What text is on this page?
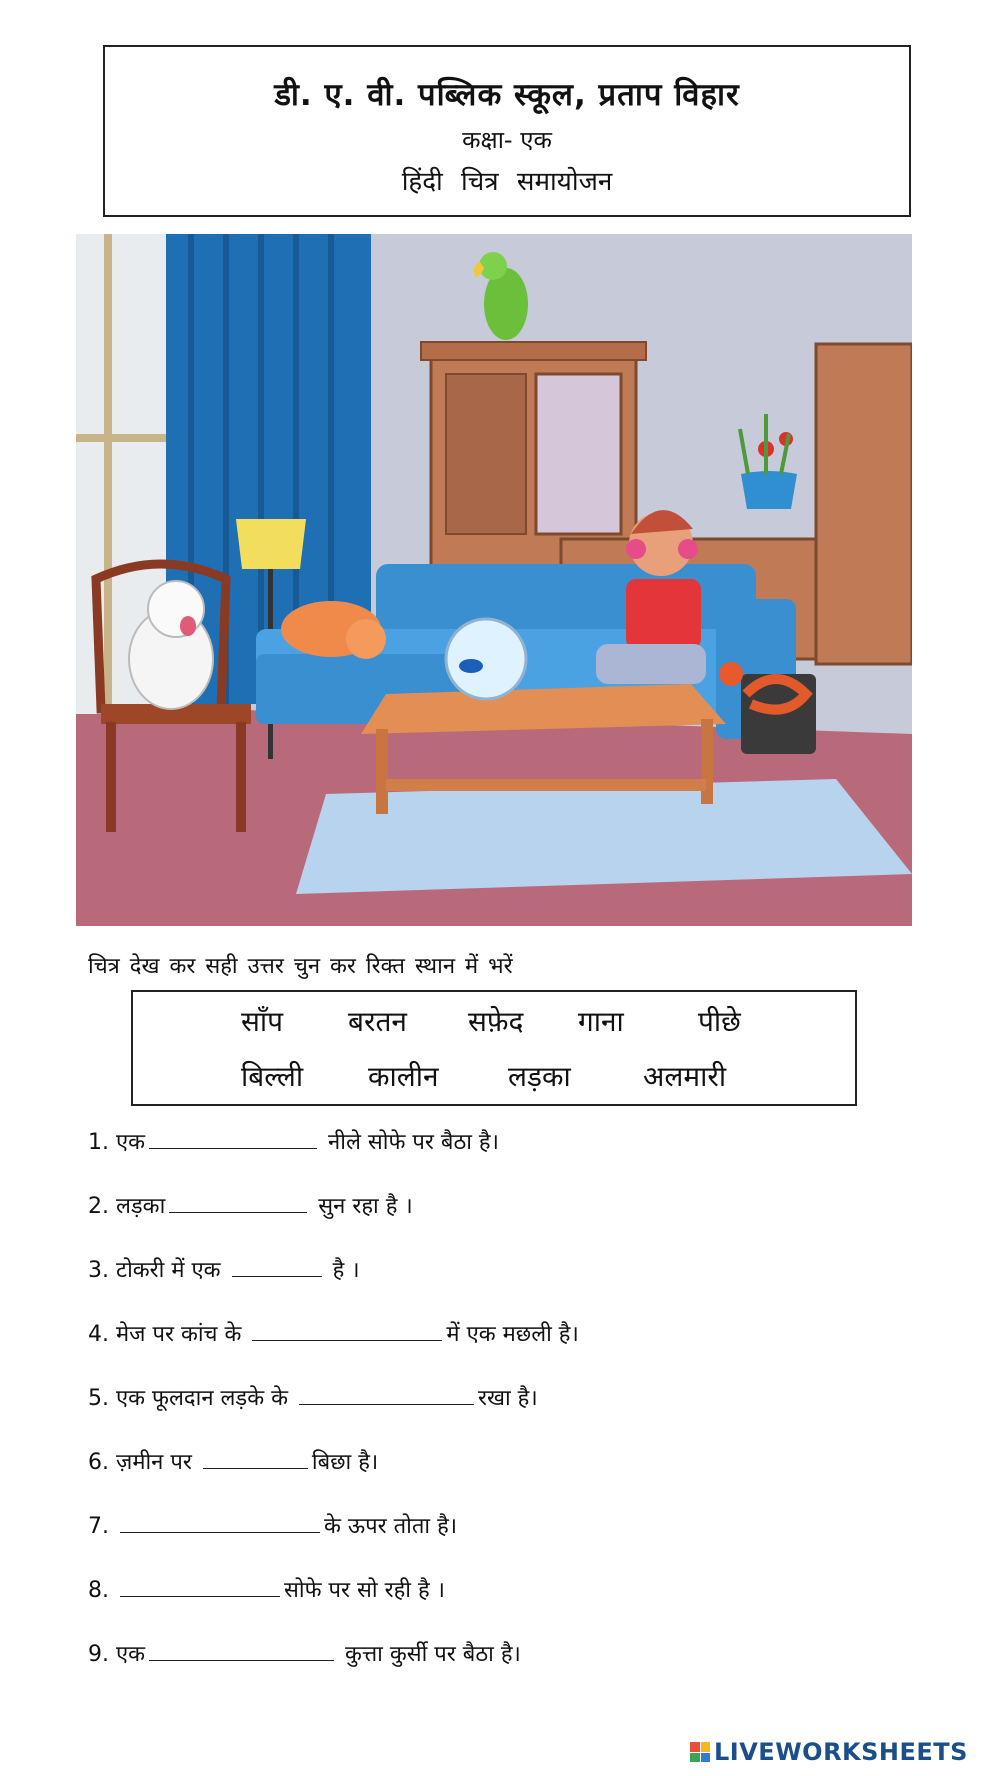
डी. ए. वी. पब्लिक स्कूल, प्रताप विहार
कक्षा- एक
हिंदी चित्र समायोजन
चित्र देख कर सही उत्तर चुन कर रिक्त स्थान में भरें
साँप बरतन सफ़ेद गाना	पीछे
बिल्ली कालीन लड़का	अलमारी
1. एक	नीले सोफे पर बैठा है।
2. लड़का	सुन रहा है ।
3. टोकरी में एक	है ।
4. मेज पर कांच के	में एक मछली है।
5. एक फूलदान लड़के के	रखा है।
6. ज़मीन पर	बिछा है।
7.	के ऊपर तोता है।
8.	सोफे पर सो रही है ।
9. एक	कुत्ता कुर्सी पर बैठा है।
LIVEWORKSHEETS
